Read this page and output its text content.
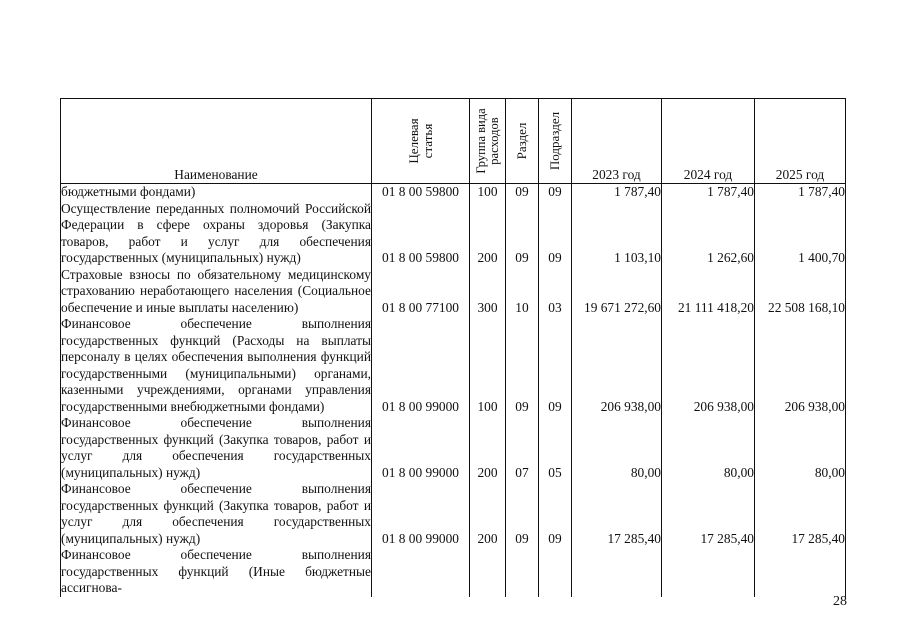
Наименование	Целевая статья	Группа вида расходов	Раздел	Подраздел	2023 год	2024 год	2025 год
бюджетными фондами)	01 8 00 59800	100	09	09	1 787,40	1 787,40	1 787,40
Осуществление переданных полномочий Российской Федерации в сфере охраны здоровья (Закупка товаров, работ и услуг для обеспечения государственных (муниципальных) нужд)	01 8 00 59800	200	09	09	1 103,10	1 262,60	1 400,70
Страховые взносы по обязательному медицинскому страхованию неработающего населения (Социальное обеспечение и иные выплаты населению)	01 8 00 77100	300	10	03	19 671 272,60	21 111 418,20	22 508 168,10
Финансовое обеспечение выполнения государственных функций (Расходы на выплаты персоналу в целях обеспечения выполнения функций государственными (муниципальными) органами, казенными учреждениями, органами управления государственными внебюджетными фондами)	01 8 00 99000	100	09	09	206 938,00	206 938,00	206 938,00
Финансовое обеспечение выполнения государственных функций (Закупка товаров, работ и услуг для обеспечения государственных (муниципальных) нужд)	01 8 00 99000	200	07	05	80,00	80,00	80,00
Финансовое обеспечение выполнения государственных функций (Закупка товаров, работ и услуг для обеспечения государственных (муниципальных) нужд)	01 8 00 99000	200	09	09	17 285,40	17 285,40	17 285,40
Финансовое обеспечение выполнения государственных функций (Иные бюджетные ассигнова-							
28
